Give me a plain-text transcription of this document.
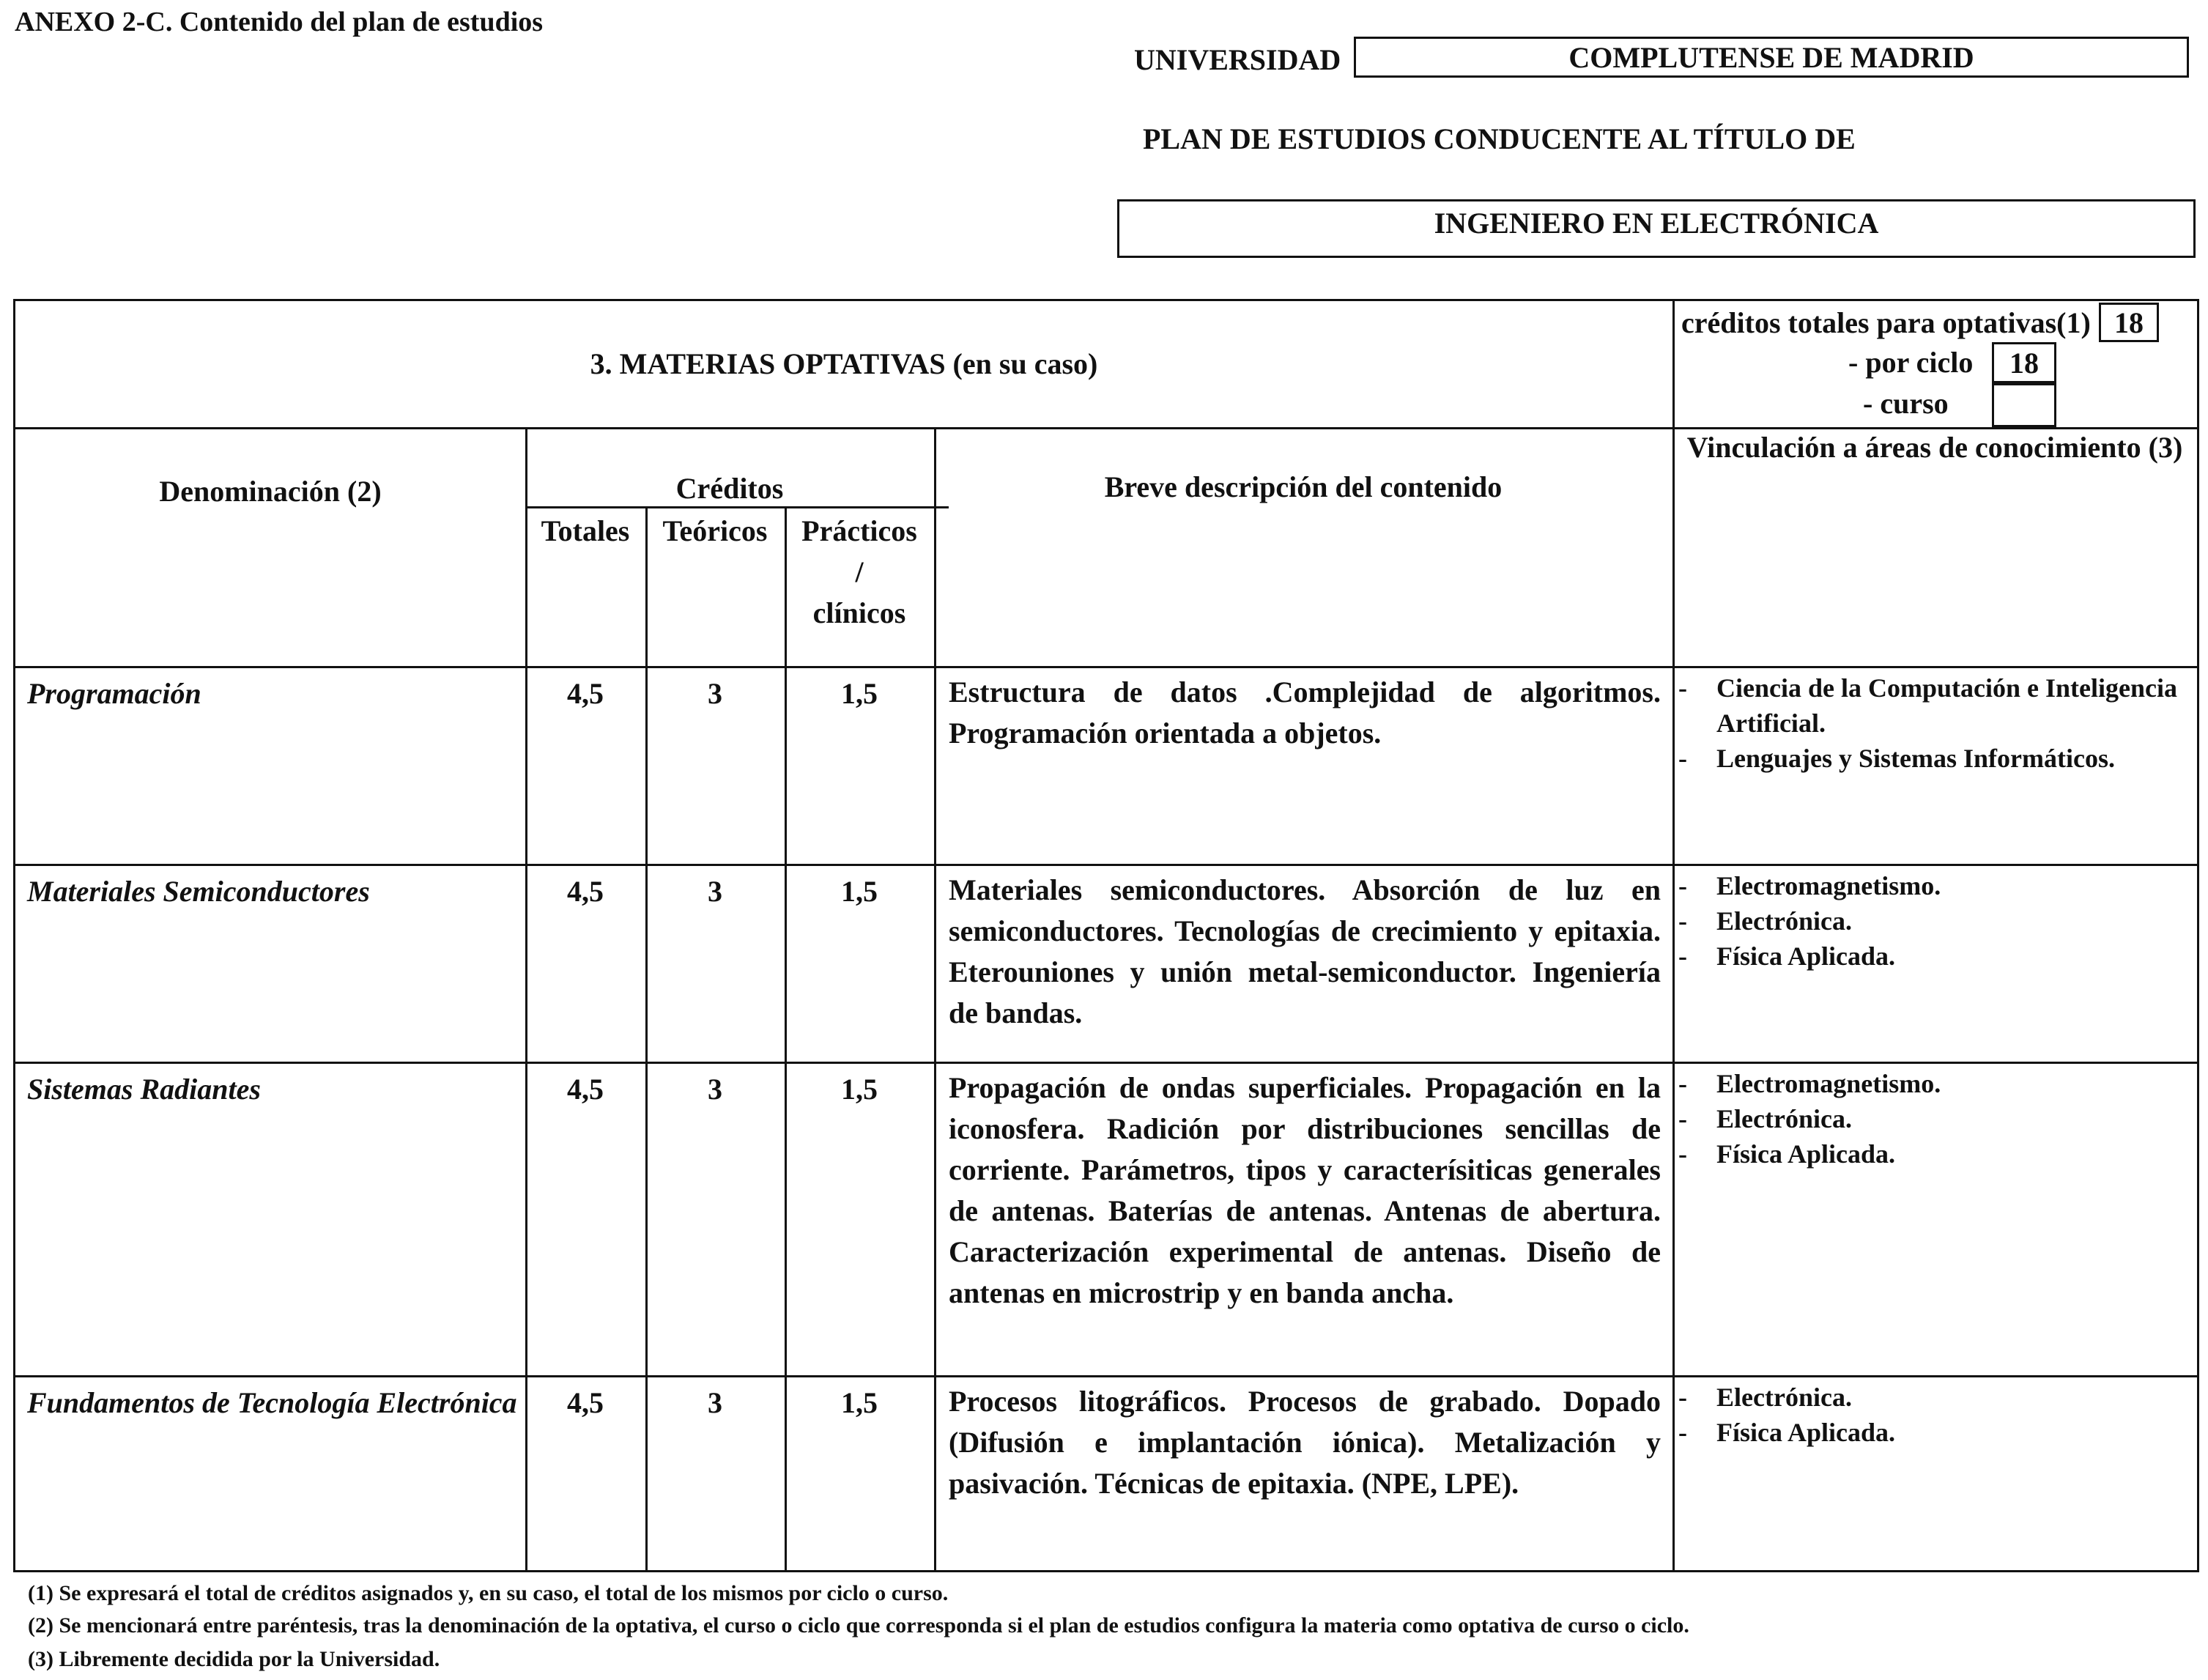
ANEXO 2-C. Contenido del plan de estudios
UNIVERSIDAD	COMPLUTENSE DE MADRID
PLAN DE ESTUDIOS CONDUCENTE AL TÍTULO DE
INGENIERO EN ELECTRÓNICA
3. MATERIAS OPTATIVAS (en su caso)
créditos totales para optativas(1) 18
- por ciclo 18
- curso
Denominación (2)	Créditos
Totales	Teóricos	Prácticos
/
clínicos
Breve descripción del contenido
Vinculación a áreas de conocimiento (3)
Programación	4,5	3	1,5	Estructura de datos .Complejidad de algoritmos. Programación orientada a objetos.
- Ciencia de la Computación e Inteligencia Artificial.
- Lenguajes y Sistemas Informáticos.
Materiales Semiconductores	4,5	3	1,5	Materiales semiconductores. Absorción de luz en semiconductores. Tecnologías de crecimiento y epitaxia. Eterouniones y unión metal-semiconductor. Ingeniería de bandas.
- Electromagnetismo.
- Electrónica.
- Física Aplicada.
Sistemas Radiantes	4,5	3	1,5	Propagación de ondas superficiales. Propagación en la iconosfera. Radición por distribuciones sencillas de corriente. Parámetros, tipos y caracterísiticas generales de antenas. Baterías de antenas. Antenas de abertura. Caracterización experimental de antenas. Diseño de antenas en microstrip y en banda ancha.
- Electromagnetismo.
- Electrónica.
- Física Aplicada.
Fundamentos de Tecnología Electrónica	4,5	3	1,5	Procesos litográficos. Procesos de grabado. Dopado (Difusión e implantación iónica). Metalización y pasivación. Técnicas de epitaxia. (NPE, LPE).
- Electrónica.
- Física Aplicada.
(1) Se expresará el total de créditos asignados y, en su caso, el total de los mismos por ciclo o curso.
(2) Se mencionará entre paréntesis, tras la denominación de la optativa, el curso o ciclo que corresponda si el plan de estudios configura la materia como optativa de curso o ciclo.
(3) Libremente decidida por la Universidad.
